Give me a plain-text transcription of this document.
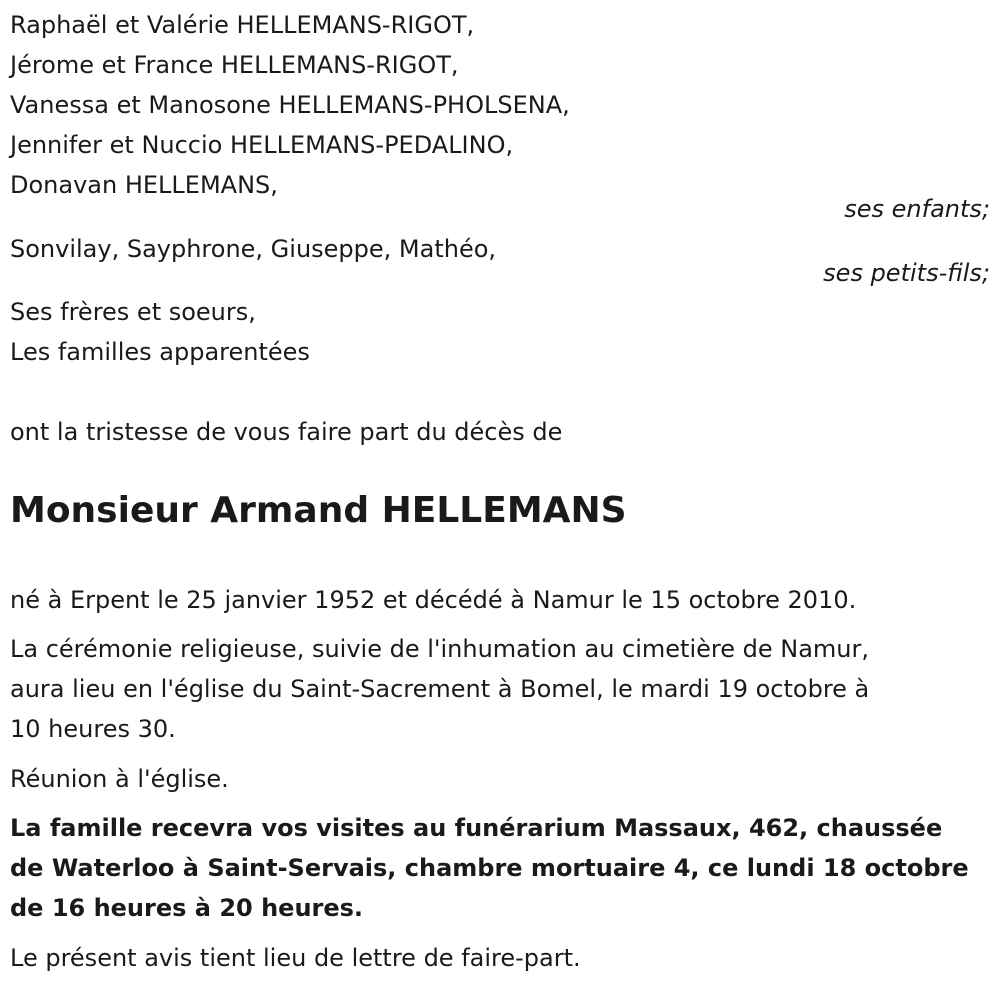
Raphaël et Valérie HELLEMANS-RIGOT,
Jérome et France HELLEMANS-RIGOT,
Vanessa et Manosone HELLEMANS-PHOLSENA,
Jennifer et Nuccio HELLEMANS-PEDALINO,
Donavan HELLEMANS,
ses enfants;
Sonvilay, Sayphrone, Giuseppe, Mathéo,
ses petits-fils;
Ses frères et soeurs,
Les familles apparentées
ont la tristesse de vous faire part du décès de
Monsieur Armand HELLEMANS
né à Erpent le 25 janvier 1952 et décédé à Namur le 15 octobre 2010.
La cérémonie religieuse, suivie de l'inhumation au cimetière de Namur,
aura lieu en l'église du Saint-Sacrement à Bomel, le mardi 19 octobre à
10 heures 30.
Réunion à l'église.
La famille recevra vos visites au funérarium Massaux, 462, chaussée
de Waterloo à Saint-Servais, chambre mortuaire 4, ce lundi 18 octobre
de 16 heures à 20 heures.
Le présent avis tient lieu de lettre de faire-part.
